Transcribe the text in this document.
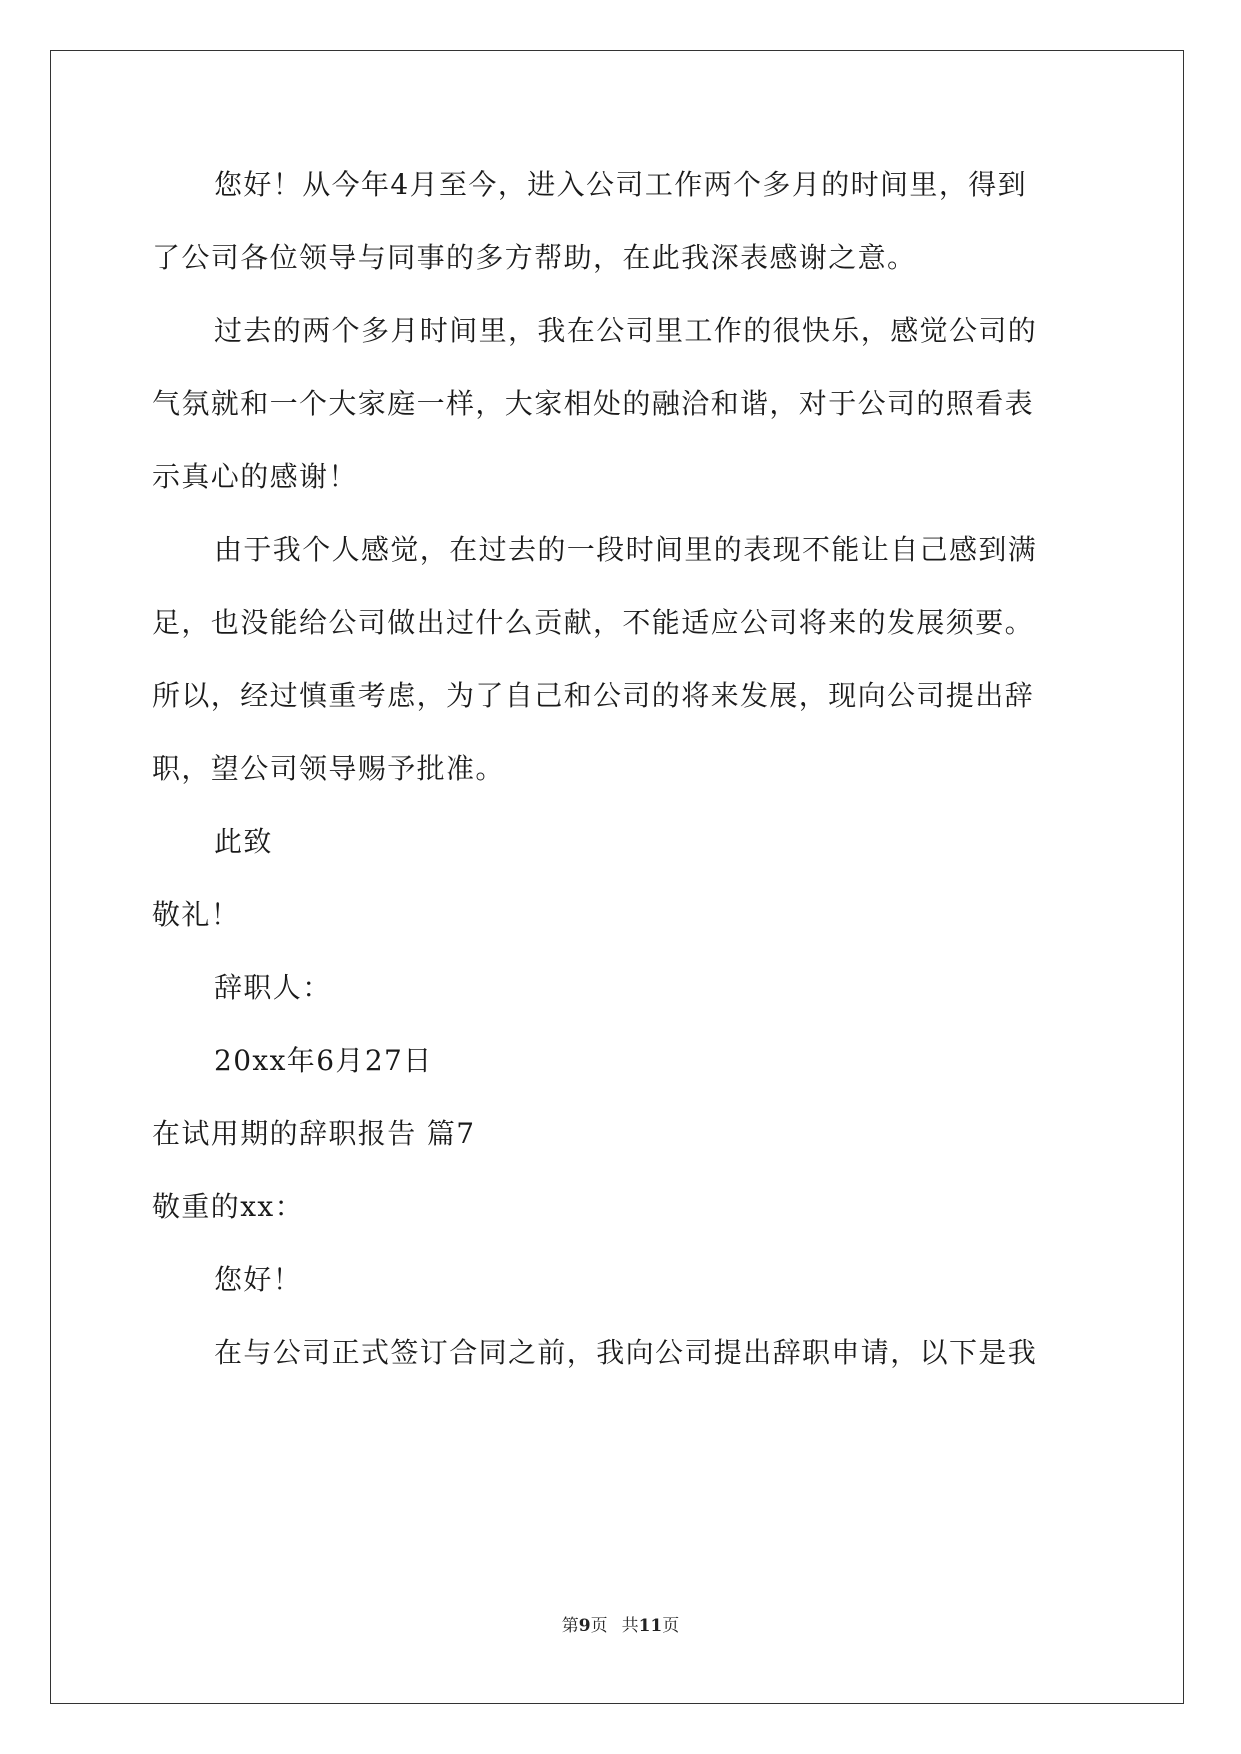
您好！从今年4月至今，进入公司工作两个多月的时间里，得到
了公司各位领导与同事的多方帮助，在此我深表感谢之意。
过去的两个多月时间里，我在公司里工作的很快乐，感觉公司的
气氛就和一个大家庭一样，大家相处的融洽和谐，对于公司的照看表
示真心的感谢！
由于我个人感觉，在过去的一段时间里的表现不能让自己感到满
足，也没能给公司做出过什么贡献，不能适应公司将来的发展须要。
所以，经过慎重考虑，为了自己和公司的将来发展，现向公司提出辞
职，望公司领导赐予批准。
此致
敬礼！
辞职人：
20xx年6月27日
在试用期的辞职报告 篇7
敬重的xx：
您好！
在与公司正式签订合同之前，我向公司提出辞职申请，以下是我
第9页 共11页
